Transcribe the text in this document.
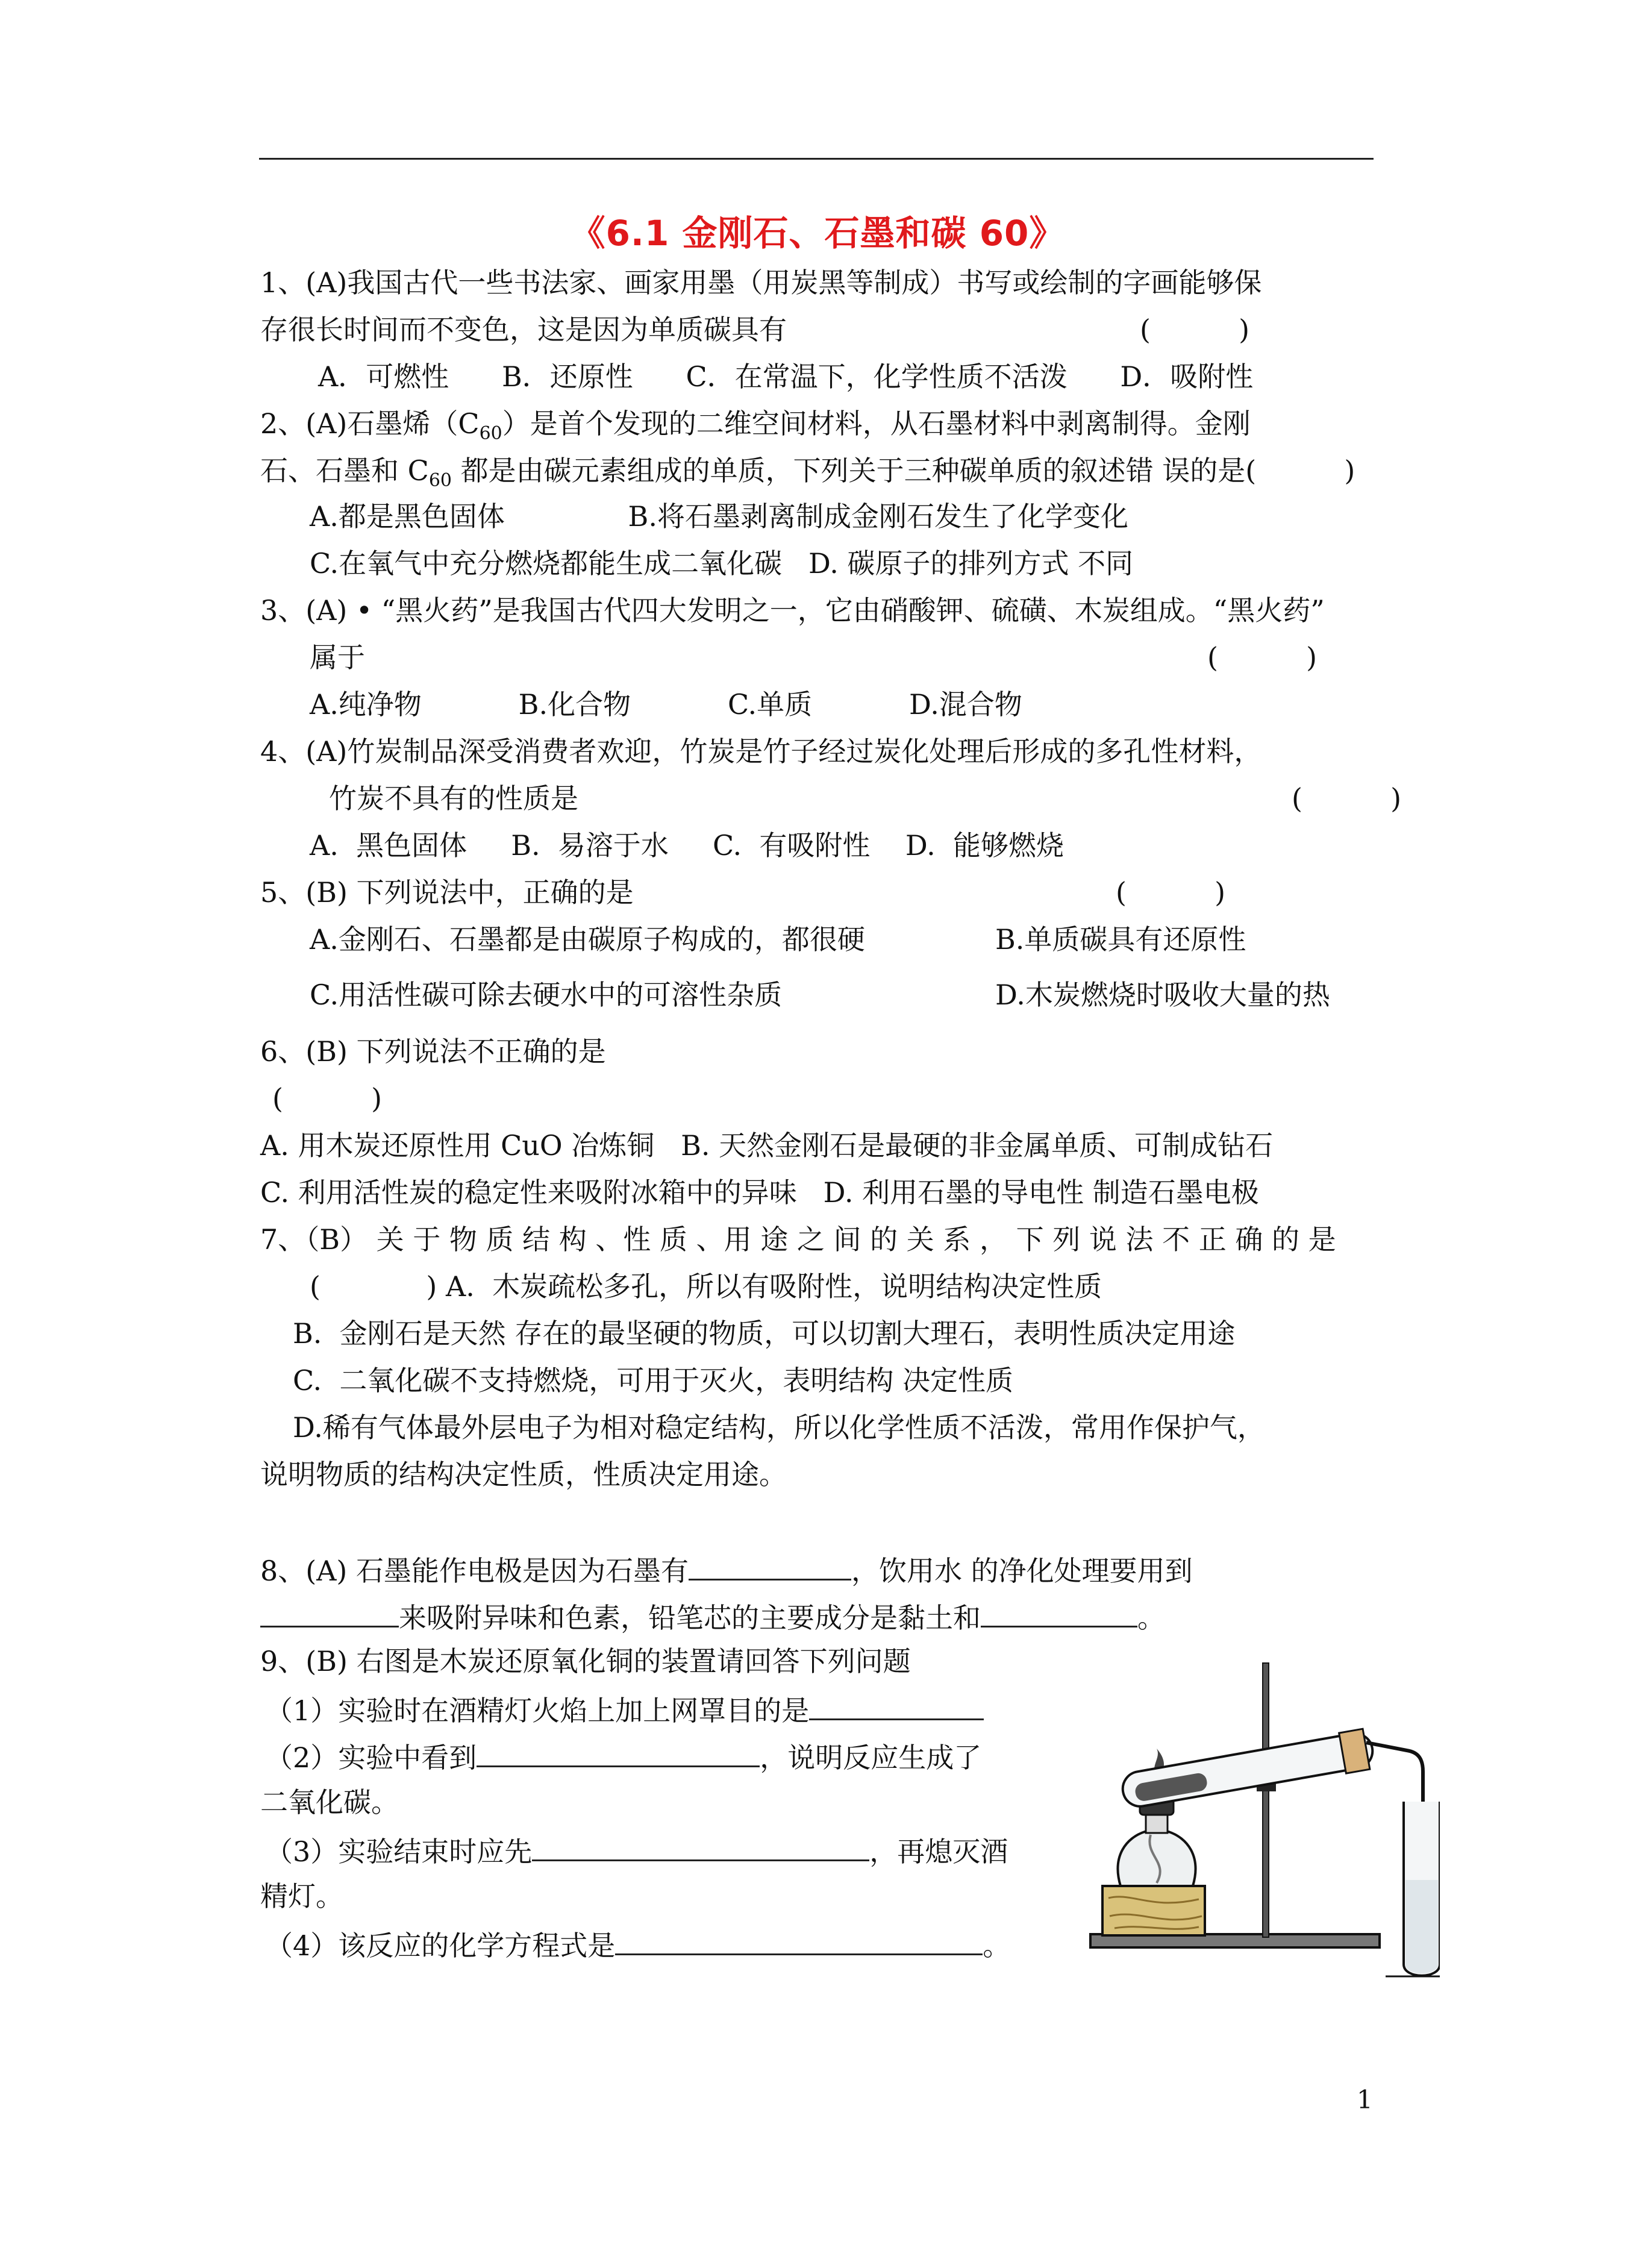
《6.1 金刚石、石墨和碳 60》
1、(A)我国古代一些书法家、画家用墨（用炭黑等制成）书写或绘制的字画能够保
存很长时间而不变色，这是因为单质碳具有	(          )
A．可燃性      B．还原性      C．在常温下，化学性质不活泼      D．吸附性
2、(A)石墨烯$(C_{60})$是首个发现的二维空间材料，从石墨材料中剥离制得。金刚
石、石墨和 $C_{60}$ 都是由碳元素组成的单质，下列关于三种碳单质的叙述错 误的是(          )
A.都是黑色固体              B.将石墨剥离制成金刚石发生了化学变化
C.在氧气中充分燃烧都能生成二氧化碳   D. 碳原子的排列方式 不同
3、(A) • “黑火药”是我国古代四大发明之一，它由硝酸钾、硫磺、木炭组成。“黑火药”
属于	(          )
A.纯净物           B.化合物           C.单质           D.混合物
4、(A)竹炭制品深受消费者欢迎，竹炭是竹子经过炭化处理后形成的多孔性材料，
竹炭不具有的性质是	(          )
A.  黑色固体     B.  易溶于水     C.  有吸附性    D.  能够燃烧
5、(B) 下列说法中，正确的是	(          )
A.金刚石、石墨都是由碳原子构成的，都很硬	B.单质碳具有还原性
C.用活性碳可除去硬水中的可溶性杂质	D.木炭燃烧时吸收大量的热
6、(B) 下列说法不正确的是
(          )
A. 用木炭还原性用 CuO 冶炼铜   B. 天然金刚石是最硬的非金属单质、可制成钻石
C. 利用活性炭的稳定性来吸附冰箱中的异味   D. 利用石墨的导电性 制造石墨电极
7、（B） 关 于 物 质 结 构 、性 质 、用 途 之 间 的 关 系 ， 下 列 说 法 不 正 确 的 是
(            ) A.  木炭疏松多孔，所以有吸附性，说明结构决定性质
B.  金刚石是天然 存在的最坚硬的物质，可以切割大理石，表明性质决定用途
C.  二氧化碳不支持燃烧，可用于灭火，表明结构 决定性质
D.稀有气体最外层电子为相对稳定结构，所以化学性质不活泼，常用作保护气，
说明物质的结构决定性质，性质决定用途。
8、(A) 石墨能作电极是因为石墨有	，饮用水 的净化处理要用到
来吸附异味和色素，铅笔芯的主要成分是黏土和	。
9、(B) 右图是木炭还原氧化铜的装置请回答下列问题
（1）实验时在酒精灯火焰上加上网罩目的是
（2）实验中看到	，说明反应生成了
二氧化碳。
（3）实验结束时应先	，再熄灭酒
精灯。
（4）该反应的化学方程式是	。
1
